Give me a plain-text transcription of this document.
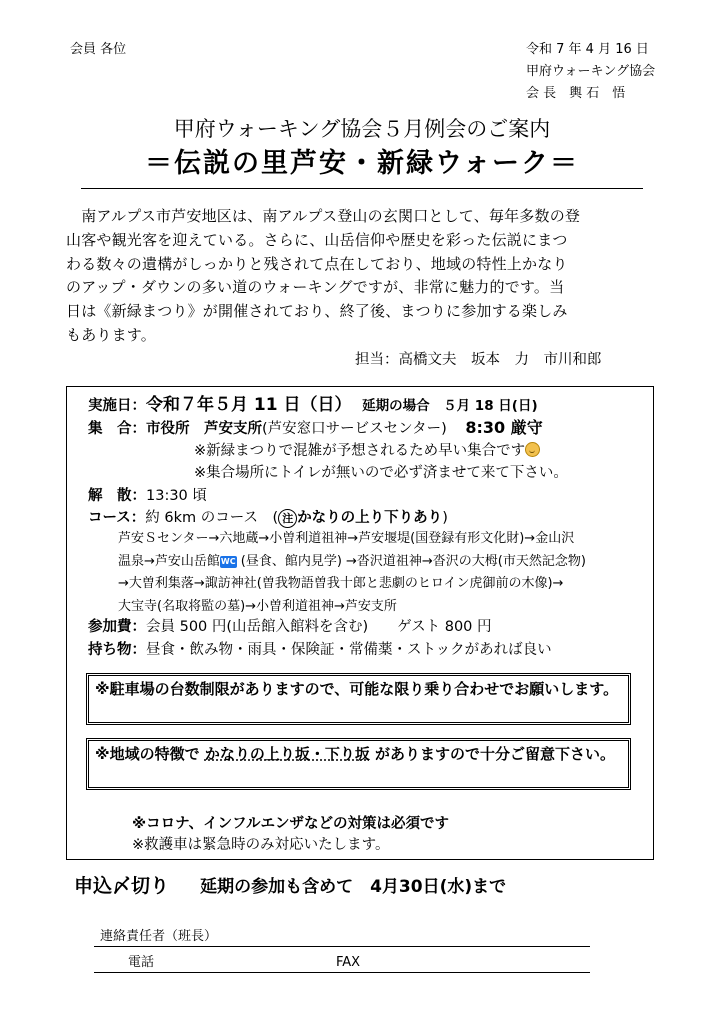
会員 各位	令和 7 年 4 月 16 日
甲府ウォーキング協会
会 長　輿 石　悟
甲府ウォーキング協会５月例会のご案内
＝伝説の里芦安・新緑ウォーク＝
　南アルプス市芦安地区は、南アルプス登山の玄関口として、毎年多数の登
山客や観光客を迎えている。さらに、山岳信仰や歴史を彩った伝説にまつ
わる数々の遺構がしっかりと残されて点在しており、地域の特性上かなり
のアップ・ダウンの多い道のウォーキングですが、非常に魅力的です。当
日は《新緑まつり》が開催されており、終了後、まつりに参加する楽しみ
もあります。
担当：高橋文夫　坂本　力　市川和郎
実施日：令和７年５月 11 日（日） 延期の場合　５月 18 日(日)
集　合：市役所　芦安支所(芦安窓口サービスセンター) 8:30 厳守
※新緑まつりで混雑が予想されるため早い集合です
※集合場所にトイレが無いので必ず済ませて来て下さい。
解　散：13:30 頃
コース：約 6km のコース　( 注 かなりの上り下りあり)
芦安Ｓセンター→六地蔵→小曽利道祖神→芦安堰堤(国登録有形文化財)→金山沢
温泉→芦安山岳館WC (昼食、館内見学) →沓沢道祖神→沓沢の大栂(市天然記念物)
→大曽利集落→諏訪神社(曽我物語曽我十郎と悲劇のヒロイン虎御前の木像)→
大宝寺(名取将監の墓)→小曽利道祖神→芦安支所
参加費：会員 500 円(山岳館入館料を含む)　　ゲスト 800 円
持ち物：昼食・飲み物・雨具・保険証・常備薬・ストックがあれば良い
※駐車場の台数制限がありますので、可能な限り乗り合わせでお願いします。
※地域の特徴で かなりの上り坂・下り坂 がありますので十分ご留意下さい。
※コロナ、インフルエンザなどの対策は必須です
※救護車は緊急時のみ対応いたします。
申込〆切り 延期の参加も含めて　4月30日(水)まで
連絡責任者（班長）
電話	FAX
